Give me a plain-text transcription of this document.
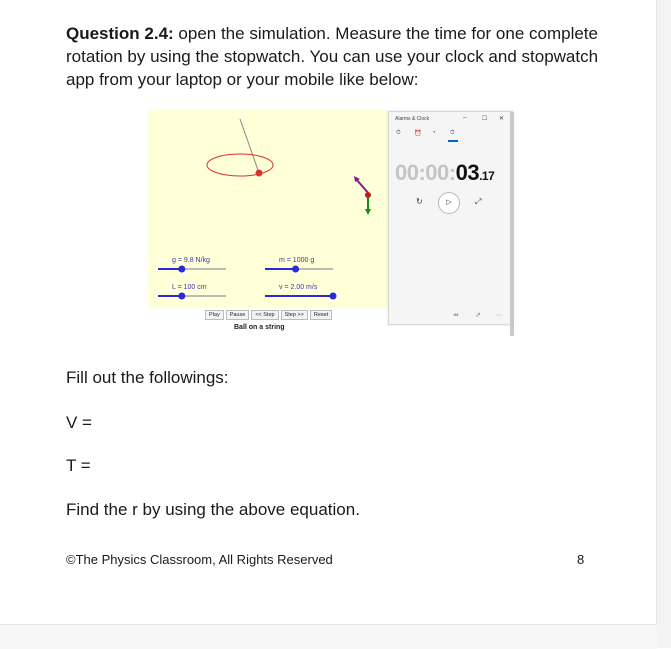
Question 2.4: open the simulation. Measure the time for one complete rotation by using the stopwatch. You can use your clock and stopwatch app from your laptop or your mobile like below:
g = 9.8 N/kg	m = 1000 g
L = 100 cm	v = 2.00 m/s
Play	Pause	<< Step	Step >>	Reset
Ball on a string
Alarms & Clock	–	☐ ✕
⏱ ⏰ ◔ ⏱
00:00:03.17
↻	▷	⤢
⇴ ⇗ ···
Fill out the followings:
V =
T =
Find the r by using the above equation.
©The Physics Classroom, All Rights Reserved	8
